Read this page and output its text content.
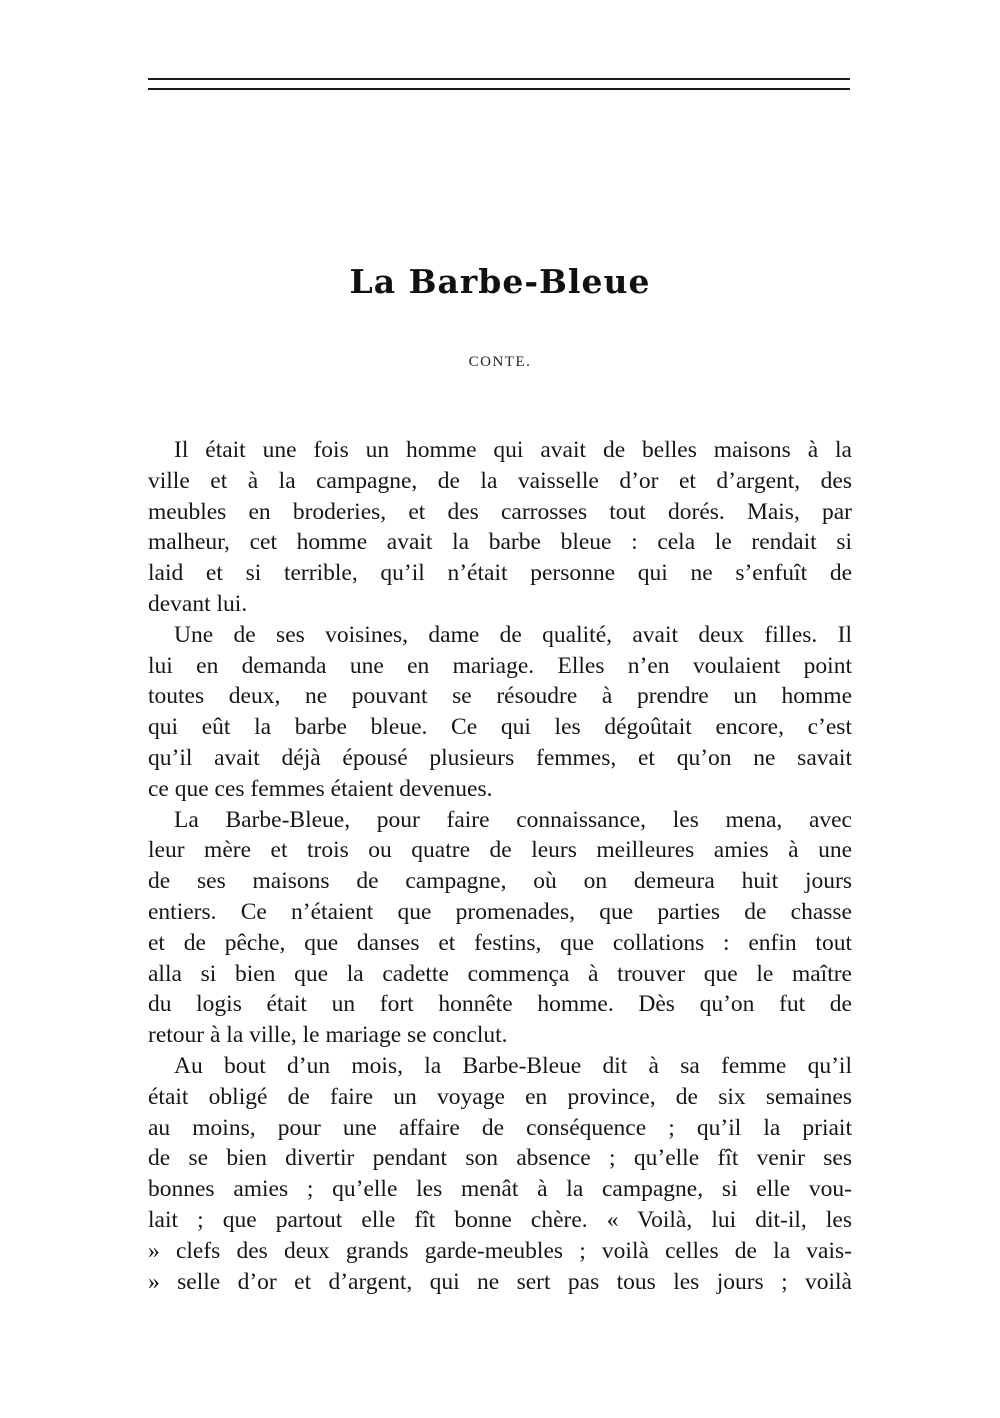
La Barbe-Bleue
CONTE.
Il était une fois un homme qui avait de belles maisons à la
ville et à la campagne, de la vaisselle d’or et d’argent, des
meubles en broderies, et des carrosses tout dorés. Mais, par
malheur, cet homme avait la barbe bleue : cela le rendait si
laid et si terrible, qu’il n’était personne qui ne s’enfuît de
devant lui.
Une de ses voisines, dame de qualité, avait deux filles. Il
lui en demanda une en mariage. Elles n’en voulaient point
toutes deux, ne pouvant se résoudre à prendre un homme
qui eût la barbe bleue. Ce qui les dégoûtait encore, c’est
qu’il avait déjà épousé plusieurs femmes, et qu’on ne savait
ce que ces femmes étaient devenues.
La Barbe-Bleue, pour faire connaissance, les mena, avec
leur mère et trois ou quatre de leurs meilleures amies à une
de ses maisons de campagne, où on demeura huit jours
entiers. Ce n’étaient que promenades, que parties de chasse
et de pêche, que danses et festins, que collations : enfin tout
alla si bien que la cadette commença à trouver que le maître
du logis était un fort honnête homme. Dès qu’on fut de
retour à la ville, le mariage se conclut.
Au bout d’un mois, la Barbe-Bleue dit à sa femme qu’il
était obligé de faire un voyage en province, de six semaines
au moins, pour une affaire de conséquence ; qu’il la priait
de se bien divertir pendant son absence ; qu’elle fît venir ses
bonnes amies ; qu’elle les menât à la campagne, si elle vou-
lait ; que partout elle fît bonne chère. « Voilà, lui dit-il, les
» clefs des deux grands garde-meubles ; voilà celles de la vais-
» selle d’or et d’argent, qui ne sert pas tous les jours ; voilà
